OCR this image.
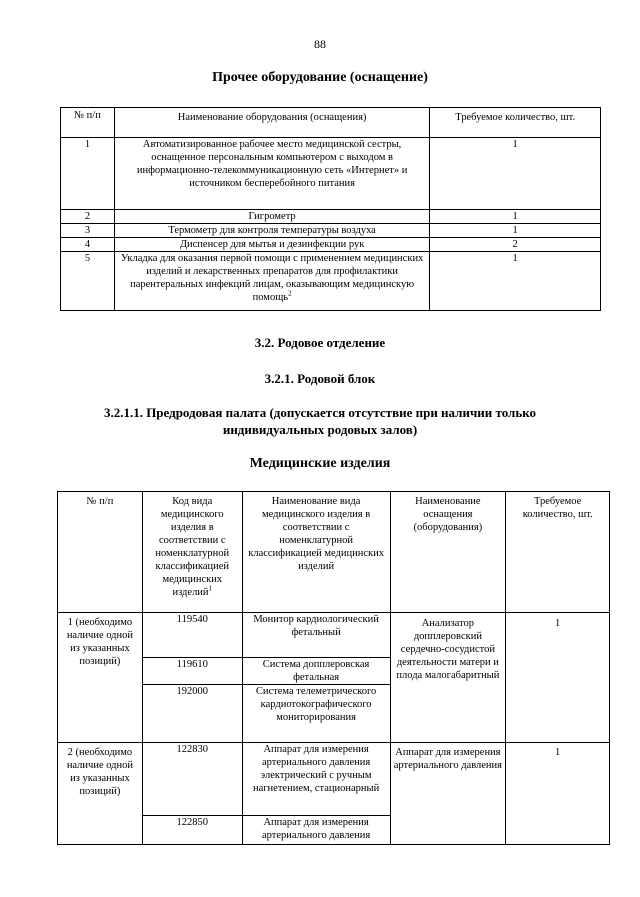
88
Прочее оборудование (оснащение)
№ п/п	Наименование оборудования (оснащения)	Требуемое количество, шт.
1	Автоматизированное рабочее место медицинской сестры, оснащенное персональным компьютером с выходом в информационно-телекоммуникационную сеть «Интернет» и источником бесперебойного питания	1
2	Гигрометр	1
3	Термометр для контроля температуры воздуха	1
4	Диспенсер для мытья и дезинфекции рук	2
5	Укладка для оказания первой помощи с применением медицинских изделий и лекарственных препаратов для профилактики парентеральных инфекций лицам, оказывающим медицинскую помощь$^2$	1
3.2. Родовое отделение
3.2.1. Родовой блок
3.2.1.1. Предродовая палата (допускается отсутствие при наличии только индивидуальных родовых залов)
Медицинские изделия
№ п/п	Код вида медицинского изделия в соответствии с номенклатурной классификацией медицинских изделий$^1$	Наименование вида медицинского изделия в соответствии с номенклатурной классификацией медицинских изделий	Наименование оснащения (оборудования)	Требуемое количество, шт.
1 (необходимо наличие одной из указанных позиций)	119540	Монитор кардиологический фетальный	Анализатор допплеровский сердечно-сосудистой деятельности матери и плода малогабаритный	1
	119610	Система допплеровская фетальная		
	192000	Система телеметрического кардиотокографического мониторирования		
2 (необходимо наличие одной из указанных позиций)	122830	Аппарат для измерения артериального давления электрический с ручным нагнетением, стационарный	Аппарат для измерения артериального давления	1
	122850	Аппарат для измерения артериального давления		
